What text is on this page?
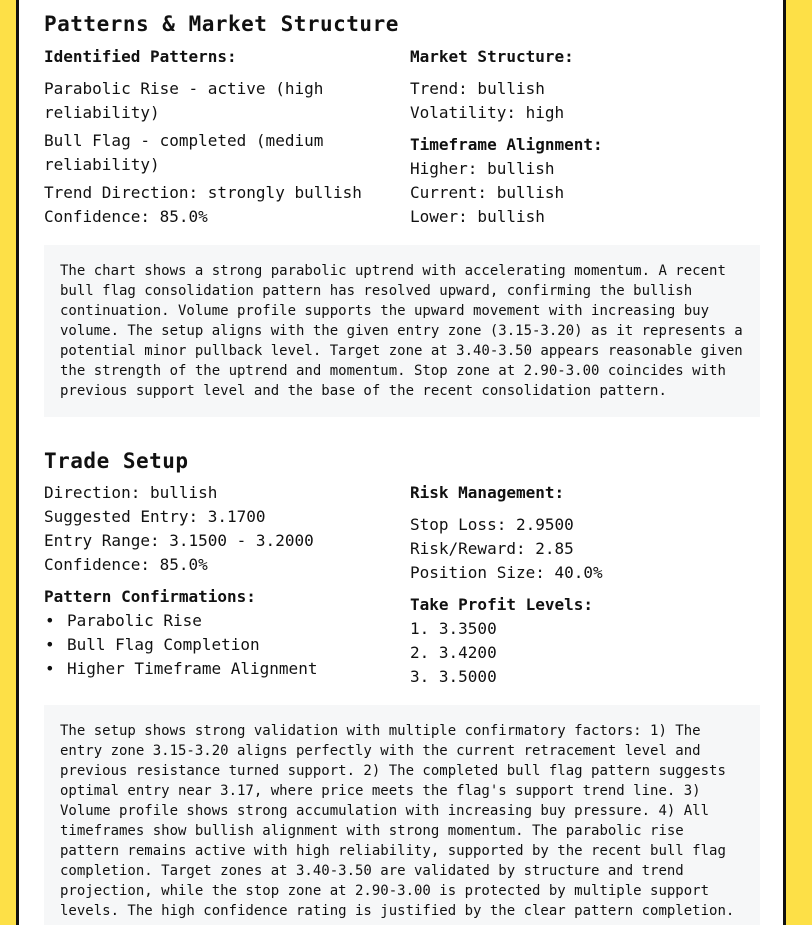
Patterns & Market Structure
Identified Patterns:
Parabolic Rise - active (high reliability)
Bull Flag - completed (medium reliability)
Trend Direction: strongly bullish
Confidence: 85.0%
Market Structure:
Trend: bullish
Volatility: high
Timeframe Alignment:
Higher: bullish
Current: bullish
Lower: bullish
The chart shows a strong parabolic uptrend with accelerating momentum. A recent bull flag consolidation pattern has resolved upward, confirming the bullish continuation. Volume profile supports the upward movement with increasing buy volume. The setup aligns with the given entry zone (3.15-3.20) as it represents a potential minor pullback level. Target zone at 3.40-3.50 appears reasonable given the strength of the uptrend and momentum. Stop zone at 2.90-3.00 coincides with previous support level and the base of the recent consolidation pattern.
Trade Setup
Direction: bullish
Suggested Entry: 3.1700
Entry Range: 3.1500 - 3.2000
Confidence: 85.0%
Pattern Confirmations:
• Parabolic Rise
• Bull Flag Completion
• Higher Timeframe Alignment
Risk Management:
Stop Loss: 2.9500
Risk/Reward: 2.85
Position Size: 40.0%
Take Profit Levels:
1. 3.3500
2. 3.4200
3. 3.5000
The setup shows strong validation with multiple confirmatory factors: 1) The entry zone 3.15-3.20 aligns perfectly with the current retracement level and previous resistance turned support. 2) The completed bull flag pattern suggests optimal entry near 3.17, where price meets the flag's support trend line. 3) Volume profile shows strong accumulation with increasing buy pressure. 4) All timeframes show bullish alignment with strong momentum. The parabolic rise pattern remains active with high reliability, supported by the recent bull flag completion. Target zones at 3.40-3.50 are validated by structure and trend projection, while the stop zone at 2.90-3.00 is protected by multiple support levels. The high confidence rating is justified by the clear pattern completion.
